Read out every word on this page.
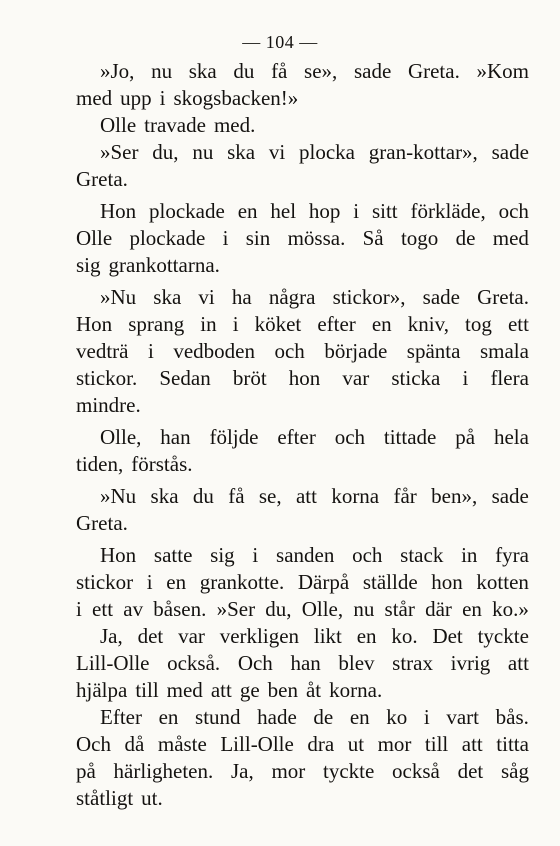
— 104 —
»Jo, nu ska du få se», sade Greta. »Kom
med upp i skogsbacken!»
Olle travade med.
»Ser du, nu ska vi plocka gran-kottar», sade
Greta.
Hon plockade en hel hop i sitt förkläde, och
Olle plockade i sin mössa. Så togo de med
sig grankottarna.
»Nu ska vi ha några stickor», sade Greta.
Hon sprang in i köket efter en kniv, tog ett
vedträ i vedboden och började spänta smala
stickor. Sedan bröt hon var sticka i flera
mindre.
Olle, han följde efter och tittade på hela
tiden, förstås.
»Nu ska du få se, att korna får ben», sade
Greta.
Hon satte sig i sanden och stack in fyra
stickor i en grankotte. Därpå ställde hon kotten
i ett av båsen. »Ser du, Olle, nu står där en ko.»
Ja, det var verkligen likt en ko. Det tyckte
Lill-Olle också. Och han blev strax ivrig att
hjälpa till med att ge ben åt korna.
Efter en stund hade de en ko i vart bås.
Och då måste Lill-Olle dra ut mor till att titta
på härligheten. Ja, mor tyckte också det såg
ståtligt ut.
